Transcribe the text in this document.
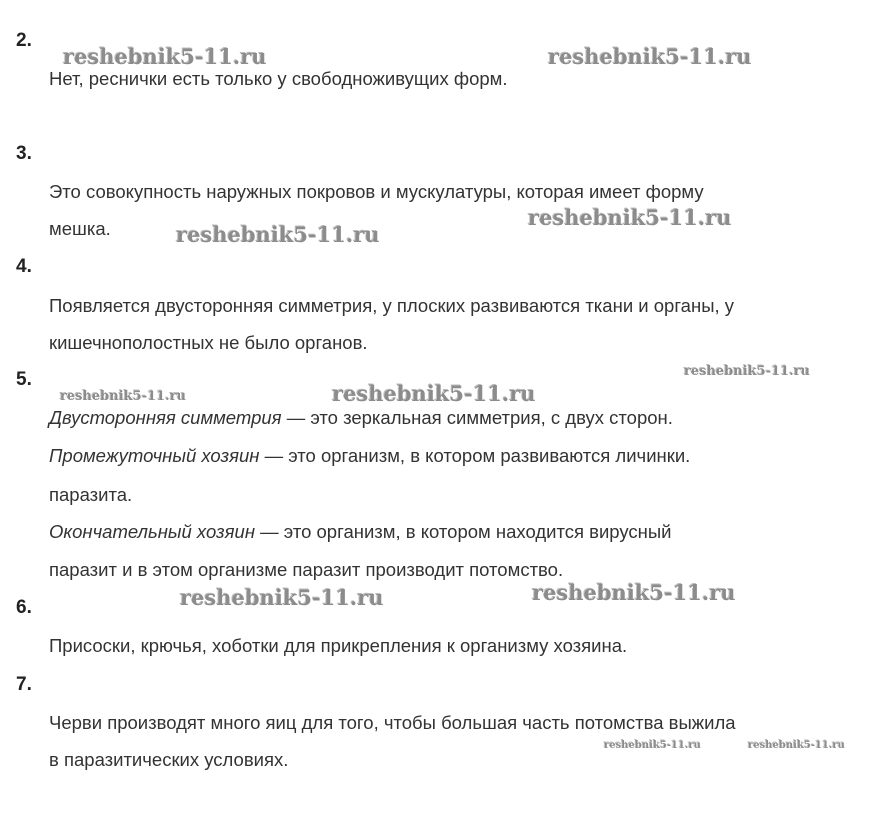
2.
Нет, реснички есть только у свободноживущих форм.
3.
Это совокупность наружных покровов и мускулатуры, которая имеет форму
мешка.
4.
Появляется двусторонняя симметрия, у плоских развиваются ткани и органы, у
кишечнополостных не было органов.
5.
Двусторонняя симметрия — это зеркальная симметрия, с двух сторон.
Промежуточный хозяин — это организм, в котором развиваются личинки.
паразита.
Окончательный хозяин — это организм, в котором находится вирусный
паразит и в этом организме паразит производит потомство.
6.
Присоски, крючья, хоботки для прикрепления к организму хозяина.
7.
Черви производят много яиц для того, чтобы большая часть потомства выжила
в паразитических условиях.
reshebnik5-11.ru	reshebnik5-11.ru
reshebnik5-11.ru
reshebnik5-11.ru
reshebnik5-11.ru
reshebnik5-11.ru	reshebnik5-11.ru
reshebnik5-11.ru	reshebnik5-11.ru
reshebnik5-11.ru	reshebnik5-11.ru
